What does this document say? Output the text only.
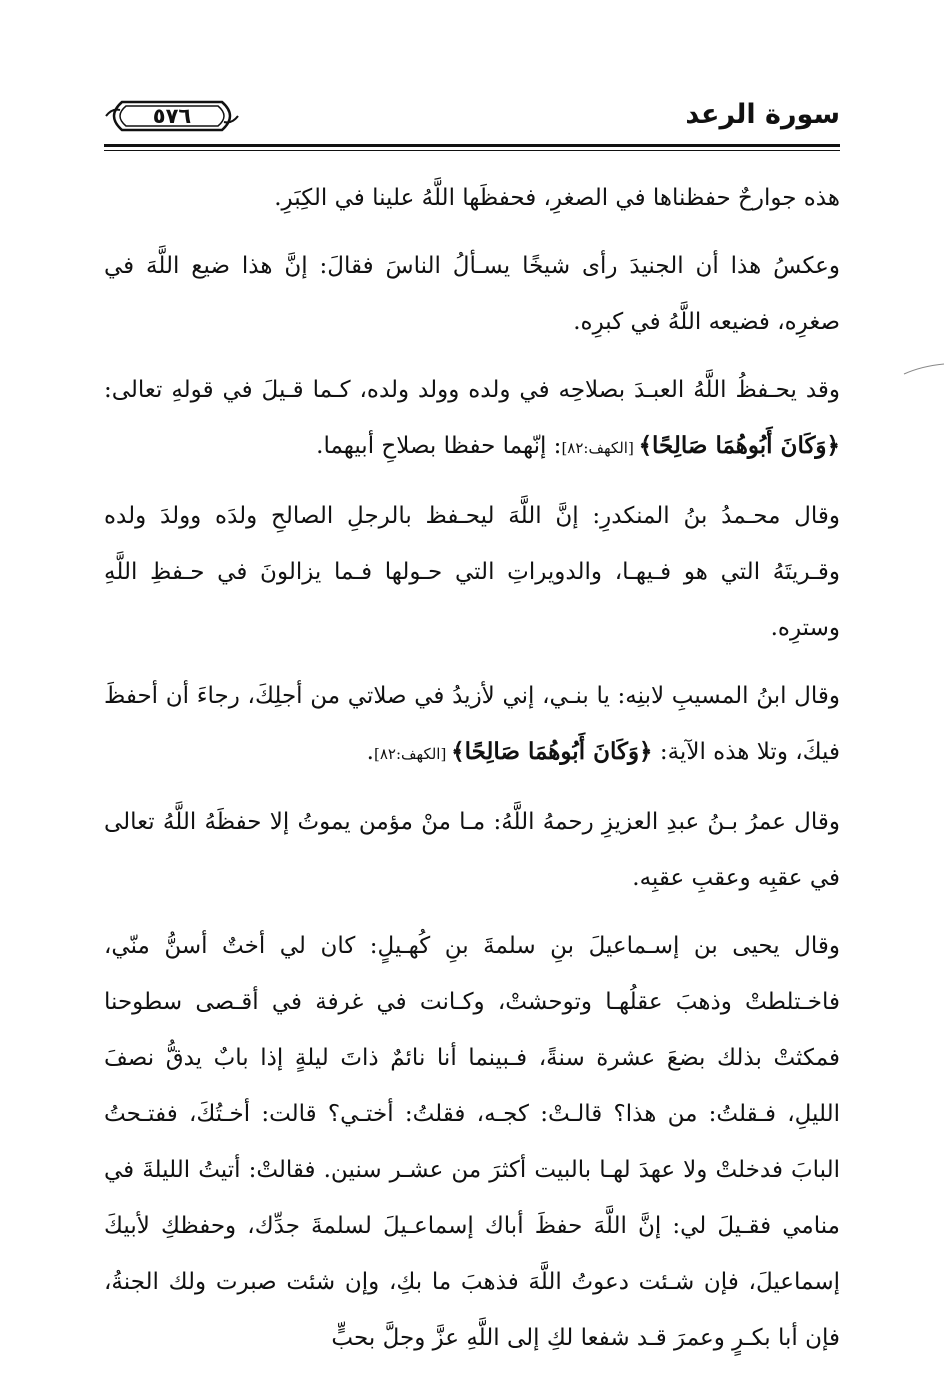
سورة الرعد
٥٧٦

هذه جوارحٌ حفظناها في الصغرِ، فحفظَها اللَّهُ علينا في الكِبَرِ.

وعكسُ هذا أن الجنيدَ رأى شيخًا يسـألُ الناسَ فقالَ: إنَّ هذا ضيع اللَّهَ في صغرِه، فضيعه اللَّهُ في كبرِه.

وقد يحـفظُ اللَّهُ العبـدَ بصلاحِه في ولده وولد ولده، كـما قـيلَ في قولهِ تعالى: ﴿وَكَانَ أَبُوهُمَا صَالِحًا﴾ [الكهف:٨٢]: إنّهما حفظا بصلاحِ أبيهما.

وقال محـمدُ بنُ المنكدرِ: إنَّ اللَّهَ ليحـفظ بالرجلِ الصالحِ ولدَه وولدَ ولده وقـريتَهُ التي هو فـيهـا، والدويراتِ التي حـولها فـما يزالونَ في حـفظِ اللَّهِ وسترِه.

وقال ابنُ المسيبِ لابنِه: يا بنـي، إني لأزيدُ في صلاتي من أجلِكَ، رجاءَ أن أحفظَ فيكَ، وتلا هذه الآية: ﴿وَكَانَ أَبُوهُمَا صَالِحًا﴾ [الكهف:٨٢].

وقال عمرُ بـنُ عبدِ العزيزِ رحمهُ اللَّهُ: مـا منْ مؤمن يموتُ إلا حفظَهُ اللَّهُ تعالى في عقبِه وعقبِ عقبِه.

وقال يحيى بن إسـماعيلَ بنِ سلمةَ بنِ كُهـيلٍ: كان لي أختٌ أسنُّ منّي، فاخـتلطتْ وذهبَ عقلُهـا وتوحشتْ، وكـانت في غرفة في أقـصى سطوحنا فمكثتْ بذلك بضعَ عشرة سنةً، فـبينما أنا نائمٌ ذاتَ ليلةٍ إذا بابٌ يدقُّ نصفَ الليلِ، فـقلتُ: من هذا؟ قالـتْ: كجـه، فقلتُ: أختـي؟ قالت: أخـتُكَ، ففتـحتُ البابَ فدخلتْ ولا عهدَ لهـا بالبيت أكثرَ من عشـر سنين. فقالتْ: أتيتُ الليلةَ في منامي فقـيلَ لي: إنَّ اللَّهَ حفظَ أباك إسماعـيلَ لسلمةَ جدِّك، وحفظكِ لأبيكَ إسماعيلَ، فإن شـئت دعوتُ اللَّهَ فذهبَ ما بكِ، وإن شئت صبرت ولك الجنةُ، فإن أبا بكـرٍ وعمرَ قـد شفعا لكِ إلى اللَّهِ عزَّ وجلَّ بحبٍّ
